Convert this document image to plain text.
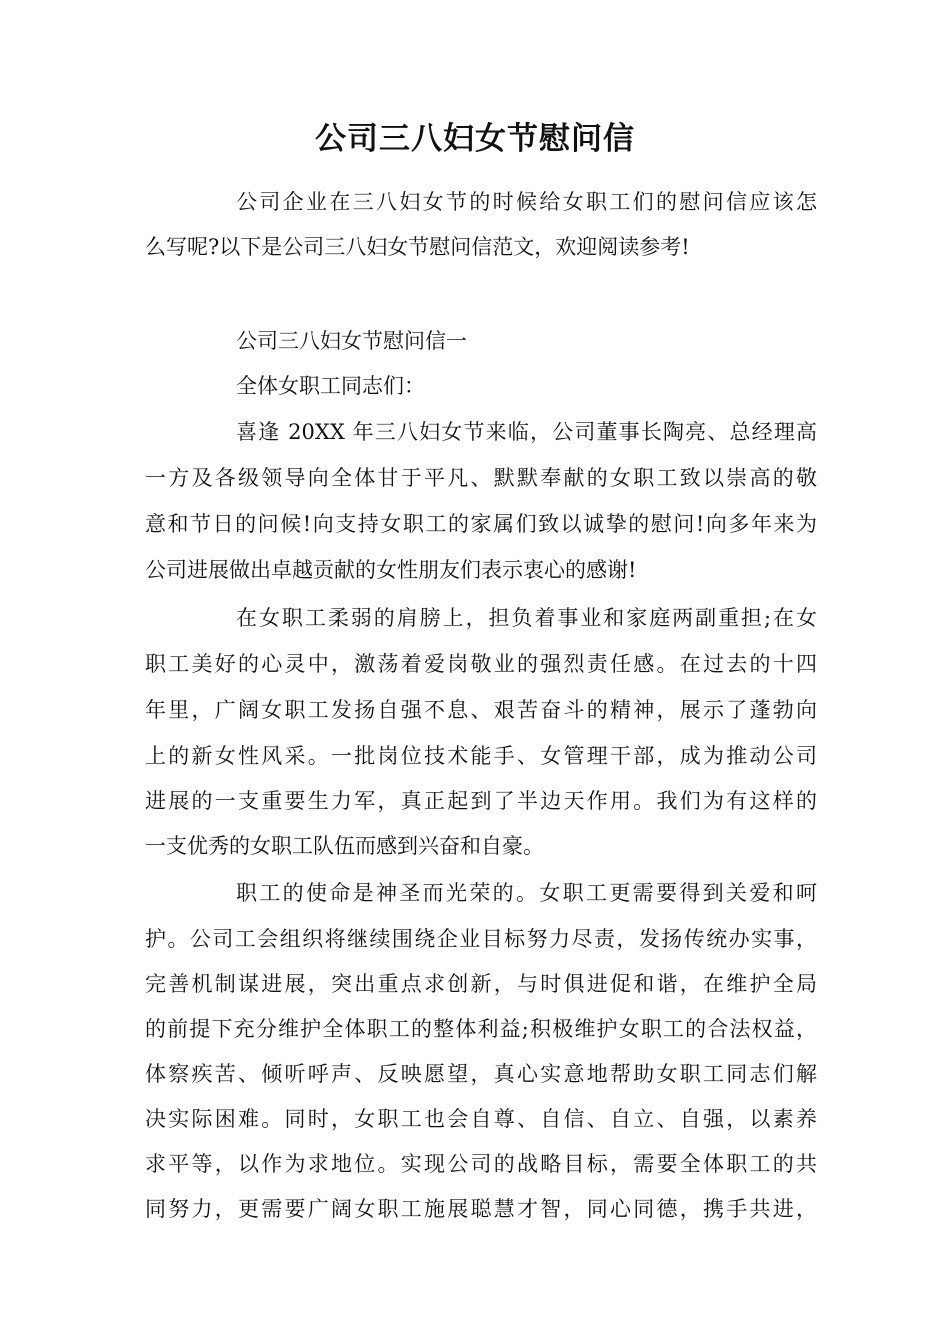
公司三八妇女节慰问信
公司企业在三八妇女节的时候给女职工们的慰问信应该怎
么写呢?以下是公司三八妇女节慰问信范文，欢迎阅读参考!
公司三八妇女节慰问信一
全体女职工同志们：
喜逢 20XX 年三八妇女节来临，公司董事长陶亮、总经理高
一方及各级领导向全体甘于平凡、默默奉献的女职工致以崇高的敬
意和节日的问候!向支持女职工的家属们致以诚挚的慰问!向多年来为
公司进展做出卓越贡献的女性朋友们表示衷心的感谢!
在女职工柔弱的肩膀上，担负着事业和家庭两副重担;在女
职工美好的心灵中，激荡着爱岗敬业的强烈责任感。在过去的十四
年里，广阔女职工发扬自强不息、艰苦奋斗的精神，展示了蓬勃向
上的新女性风采。一批岗位技术能手、女管理干部，成为推动公司
进展的一支重要生力军，真正起到了半边天作用。我们为有这样的
一支优秀的女职工队伍而感到兴奋和自豪。
职工的使命是神圣而光荣的。女职工更需要得到关爱和呵
护。公司工会组织将继续围绕企业目标努力尽责，发扬传统办实事，
完善机制谋进展，突出重点求创新，与时俱进促和谐，在维护全局
的前提下充分维护全体职工的整体利益;积极维护女职工的合法权益，
体察疾苦、倾听呼声、反映愿望，真心实意地帮助女职工同志们解
决实际困难。同时，女职工也会自尊、自信、自立、自强，以素养
求平等，以作为求地位。实现公司的战略目标，需要全体职工的共
同努力，更需要广阔女职工施展聪慧才智，同心同德，携手共进，
